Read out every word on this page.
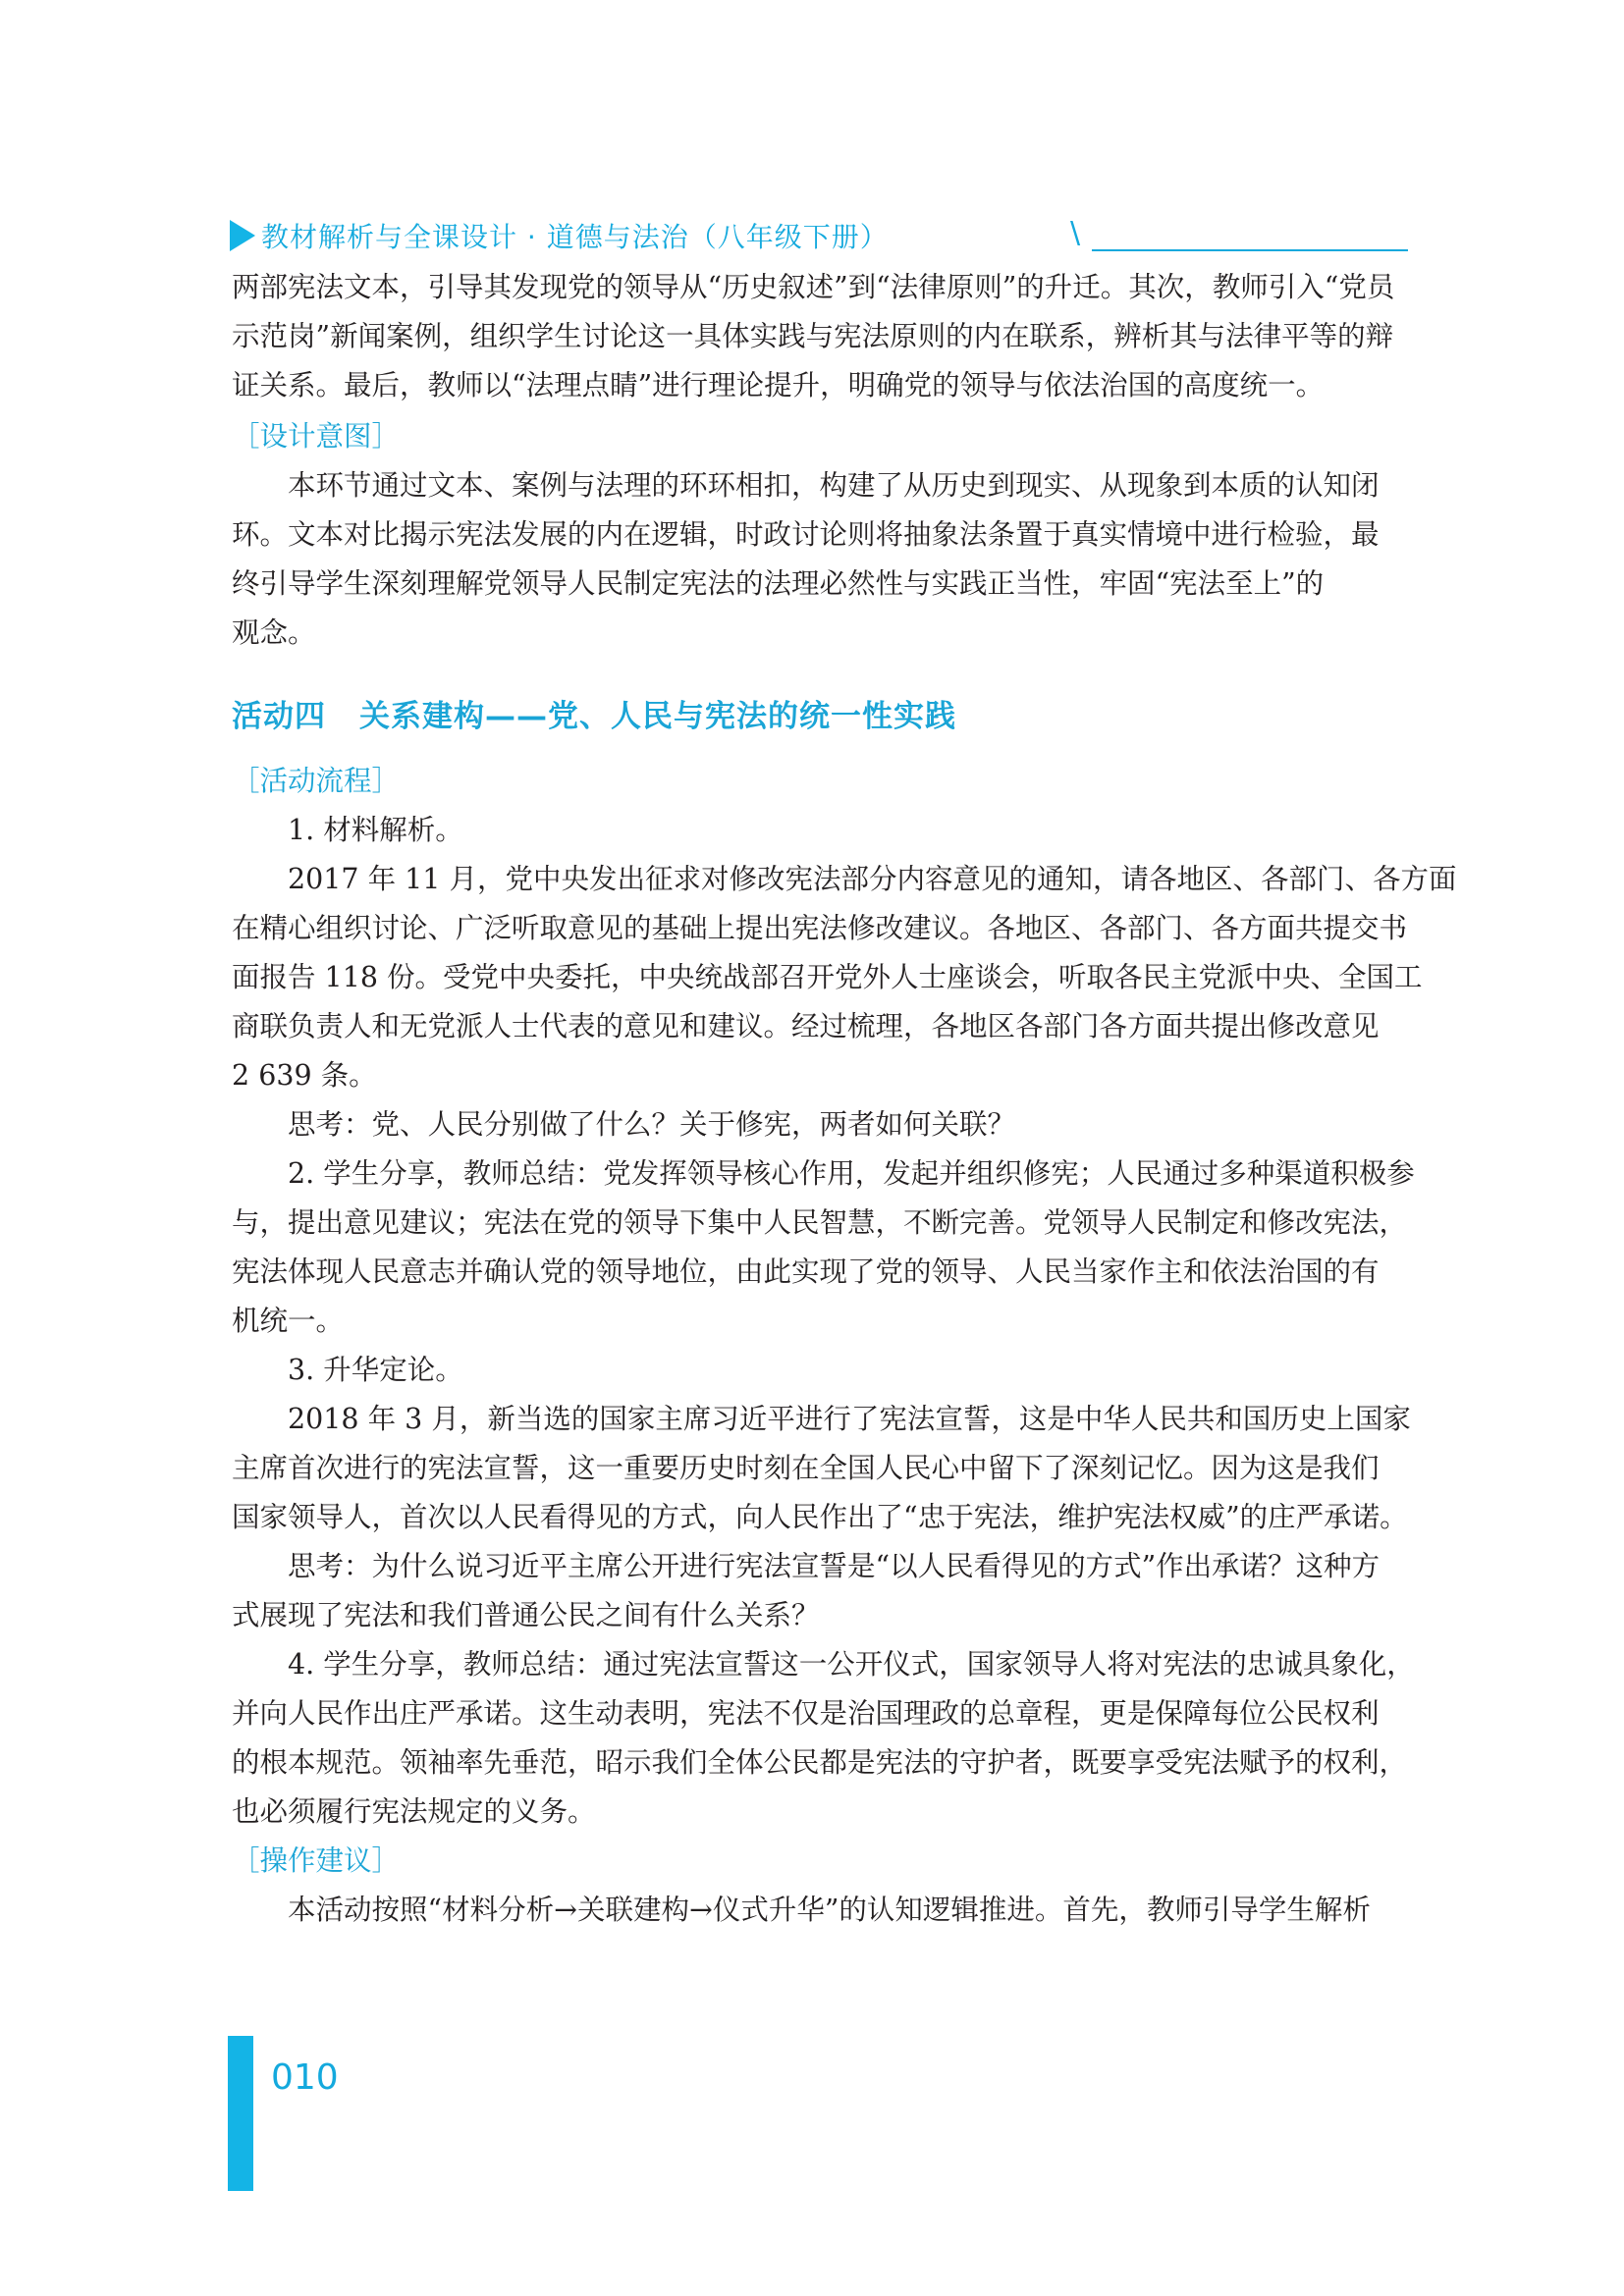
教材解析与全课设计 · 道德与法治（八年级下册）	\

两部宪法文本，引导其发现党的领导从“历史叙述”到“法律原则”的升迁。其次，教师引入“党员

示范岗”新闻案例，组织学生讨论这一具体实践与宪法原则的内在联系，辨析其与法律平等的辩

证关系。最后，教师以“法理点睛”进行理论提升，明确党的领导与依法治国的高度统一。

［设计意图］

本环节通过文本、案例与法理的环环相扣，构建了从历史到现实、从现象到本质的认知闭

环。文本对比揭示宪法发展的内在逻辑，时政讨论则将抽象法条置于真实情境中进行检验，最

终引导学生深刻理解党领导人民制定宪法的法理必然性与实践正当性，牢固“宪法至上”的

观念。

活动四 关系建构——党、人民与宪法的统一性实践

［活动流程］

1. 材料解析。

2017 年 11 月，党中央发出征求对修改宪法部分内容意见的通知，请各地区、各部门、各方面

在精心组织讨论、广泛听取意见的基础上提出宪法修改建议。各地区、各部门、各方面共提交书

面报告 118 份。受党中央委托，中央统战部召开党外人士座谈会，听取各民主党派中央、全国工

商联负责人和无党派人士代表的意见和建议。经过梳理，各地区各部门各方面共提出修改意见

2 639 条。

思考：党、人民分别做了什么？关于修宪，两者如何关联？

2. 学生分享，教师总结：党发挥领导核心作用，发起并组织修宪；人民通过多种渠道积极参

与，提出意见建议；宪法在党的领导下集中人民智慧，不断完善。党领导人民制定和修改宪法，

宪法体现人民意志并确认党的领导地位，由此实现了党的领导、人民当家作主和依法治国的有

机统一。

3. 升华定论。

2018 年 3 月，新当选的国家主席习近平进行了宪法宣誓，这是中华人民共和国历史上国家

主席首次进行的宪法宣誓，这一重要历史时刻在全国人民心中留下了深刻记忆。因为这是我们

国家领导人，首次以人民看得见的方式，向人民作出了“忠于宪法，维护宪法权威”的庄严承诺。

思考：为什么说习近平主席公开进行宪法宣誓是“以人民看得见的方式”作出承诺？这种方

式展现了宪法和我们普通公民之间有什么关系？

4. 学生分享，教师总结：通过宪法宣誓这一公开仪式，国家领导人将对宪法的忠诚具象化，

并向人民作出庄严承诺。这生动表明，宪法不仅是治国理政的总章程，更是保障每位公民权利

的根本规范。领袖率先垂范，昭示我们全体公民都是宪法的守护者，既要享受宪法赋予的权利，

也必须履行宪法规定的义务。

［操作建议］

本活动按照“材料分析→关联建构→仪式升华”的认知逻辑推进。首先，教师引导学生解析

010
